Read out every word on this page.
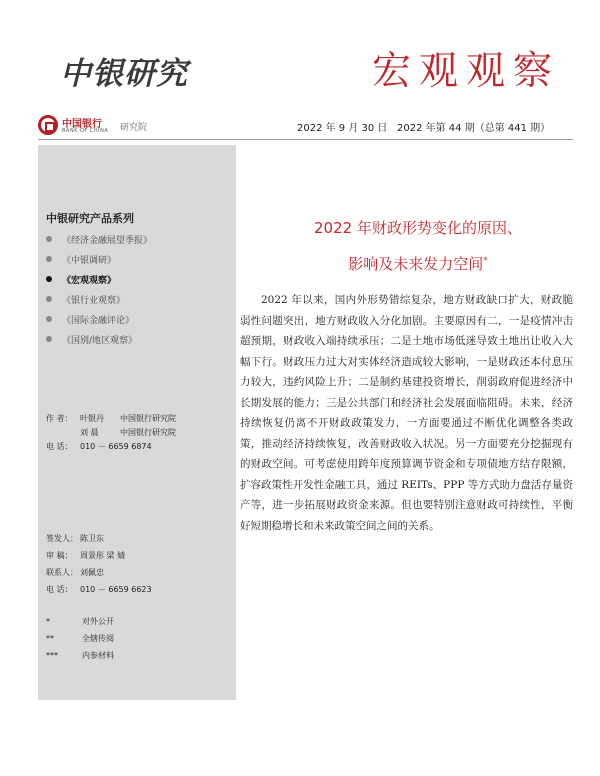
中银研究	宏观观察
中国银行
BANK OF CHINA 研究院	2022 年 9 月 30 日 2022 年第 44 期（总第 441 期）
中银研究产品系列
《经济金融展望季报》
《中银调研》
《宏观观察》
《银行业观察》
《国际金融评论》
《国别/地区观察》
作 者： 叶银丹 中国银行研究院
刘 晨	中国银行研究院
电 话： 010 － 6659 6874
签发人： 陈卫东
审 稿： 周景彤 梁 婧
联系人： 刘佩忠
电 话： 010 － 6659 6623
*	对外公开
**	全辖传阅
***	内参材料
2022 年财政形势变化的原因、
影响及未来发力空间*
2022 年以来，国内外形势错综复杂，地方财政缺口扩大，财政脆弱性问题突出，地方财政收入分化加剧。主要原因有二，一是疫情冲击超预期，财政收入端持续承压；二是土地市场低迷导致土地出让收入大幅下行。财政压力过大对实体经济造成较大影响，一是财政还本付息压力较大，违约风险上升；二是制约基建投资增长，削弱政府促进经济中长期发展的能力；三是公共部门和经济社会发展面临阻碍。未来，经济持续恢复仍离不开财政政策发力，一方面要通过不断优化调整各类政策，推动经济持续恢复，改善财政收入状况。另一方面要充分挖掘现有的财政空间。可考虑使用跨年度预算调节资金和专项债地方结存限额，扩容政策性开发性金融工具，通过 REITs、PPP 等方式助力盘活存量资产等，进一步拓展财政资金来源。但也要特别注意财政可持续性，平衡好短期稳增长和未来政策空间之间的关系。
